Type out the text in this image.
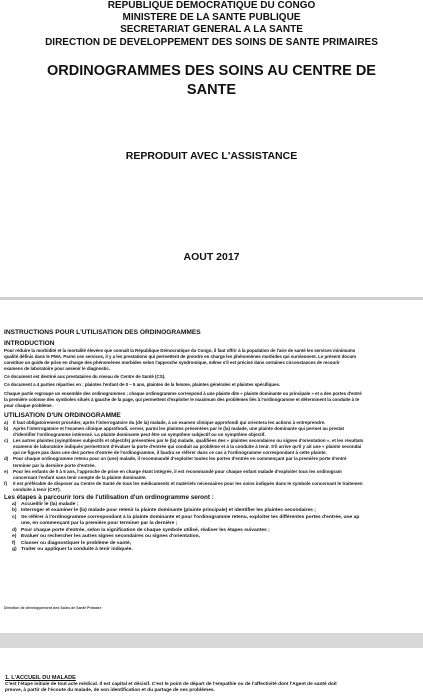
REPUBLIQUE DEMOCRATIQUE DU CONGO
MINISTERE DE LA SANTE PUBLIQUE
SECRETARIAT GENERAL A LA SANTE
DIRECTION DE DEVELOPPEMENT DES SOINS DE SANTE PRIMAIRES
ORDINOGRAMMES DES SOINS AU CENTRE DE
SANTE
REPRODUIT AVEC L'ASSISTANCE
AOUT 2017
INSTRUCTIONS POUR L'UTILISATION DES ORDINOGRAMMES
INTRODUCTION
Pour réduire la morbidité et la mortalité élevées que connaît la République Démocratique du Congo, il faut offrir à la population de l'aire de santé les services minimums
qualité définis dans le PMA. Parmi ces services, il y a les prestations qui permettent de prendre en charge les phénomènes morbides qui surviennent. Le présent docum
constitue un guide de prise en charge des phénomènes morbides selon l'approche syndromique, même s'il est précisé dans certaines circonstances de recourir
examens de laboratoire pour asseoir le diagnostic.
Ce document est destiné aux prestataires du niveau de Centre de Santé (CS).
Ce document a 4 parties réparties en : plaintes l'enfant de 0 – 5 ans, plaintes de la femme, plaintes générales et plaintes spécifiques.
Chaque partie regroupe un ensemble des ordinogrammes ; chaque ordinogramme correspond à une plainte dite « plainte dominante ou principale » et a des portes d'entré
la première colonne des symboles situés à gauche de la page, qui permettent d'exploiter le maximum des problèmes liés à l'ordinogramme et déterminent la conduite à te
pour chaque problème.
UTILISATION D'UN ORDINOGRAMME
a)	Il faut obligatoirement procéder, après l'interrogatoire du (de la) malade, à un examen clinique approfondi qui orientera les actions à entreprendre.
b)	Après l'interrogatoire et l'examen clinique approfondi, cerner, parmi les plaintes présentées par le (la) malade, une plainte dominante qui permet au prestat
d'identifier l'ordinogramme intéressé. La plainte dominante peut être un symptôme subjectif ou un symptôme objectif.
c)	Les autres plaintes (symptômes subjectifs et objectifs) présentées par le (la) malade, qualifiées des « plaintes secondaires ou signes d'orientation », et les résultats
examens de laboratoire indiqués permettront d'évaluer la porte d'entrée qui conduit au problème et à la conduite à tenir. S'il arrive qu'il y ait une « plainte secondai
qui ne figure pas dans une des portes d'entrée de l'ordinogramme, il faudra se référer dans ce cas à l'ordinogramme correspondant à cette plainte.
d)	Pour chaque ordinogramme retenu pour un (une) malade, il recommandé d'exploiter toutes les portes d'entrée en commençant par la première porte d'entré
terminer par la dernière porte d'entrée.
e)	Pour les enfants de 0 à 5 ans, l'approche de prise en charge étant intégrée, il est recommandé pour chaque enfant malade d'exploiter tous les ordinogram
concernant l'enfant sans tenir compte de la plainte dominante.
f)	Il est préférable de disposer au Centre de Santé de tous les médicaments et matériels nécessaires pour les soins indiqués dans le symbole concernant le traitemen
conduite à tenir (CAT).
Les étapes à parcourir lors de l'utilisation d'un ordinogramme seront :
a) Accueillir le (la) malade ;
b) Interroger et examiner le (la) malade pour retenir la plainte dominante (plainte principale) et identifier les plaintes secondaires ;
c) Se référer à l'ordinogramme correspondant à la plainte dominante et pour l'ordinogramme retenu, exploiter les différentes portes d'entrée, une ap
une, en commençant par la première pour terminer par la dernière ;
d) Pour chaque porte d'entrée, selon la signification de chaque symbole utilisé, réaliser les étapes suivantes ;
e) Evaluer ou rechercher les autres signes secondaires ou signes d'orientation,
f)	Classer ou diagnostiquer le problème de santé,
g) Traiter ou appliquer la conduite à tenir indiquée.
Direction de développement des Soins de Santé Primaire
1. L'ACCUEIL DU MALADE
C'est l'étape initiale de tout acte médical. Il est capital et décisif. C'est le point de départ de l'empathie ou de l'affectivité dont l'Agent de santé doit
preuve, à partir de l'écoute du malade, de son identification et du partage de ses problèmes.
